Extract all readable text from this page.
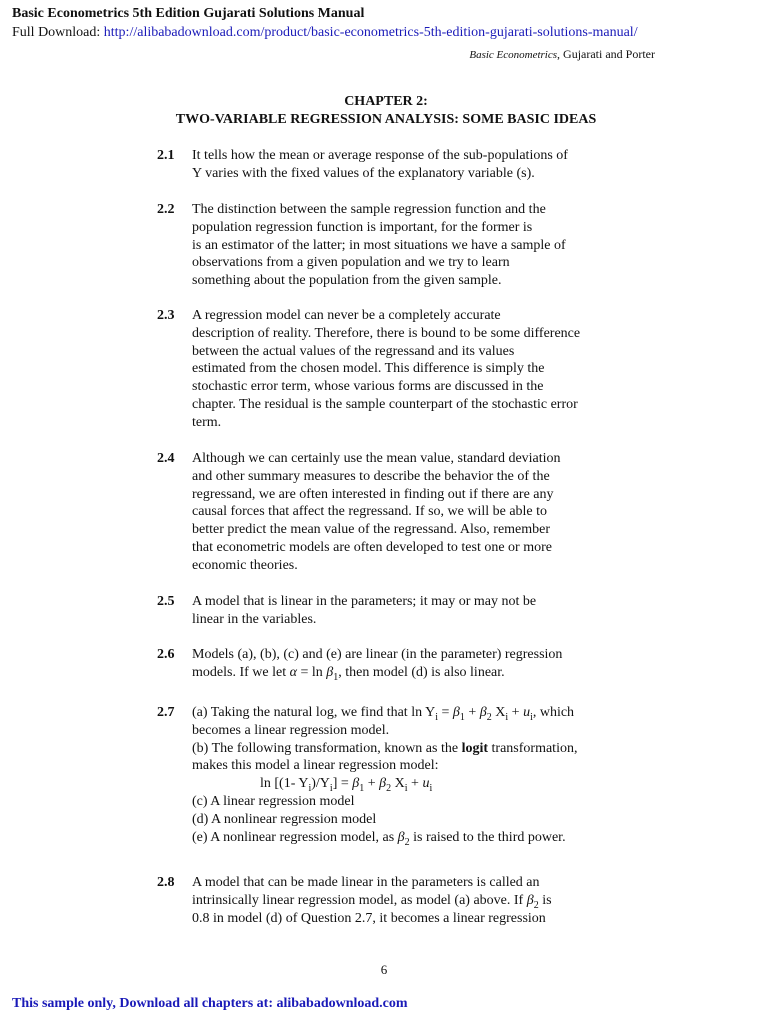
Basic Econometrics 5th Edition Gujarati Solutions Manual
Full Download: http://alibabadownload.com/product/basic-econometrics-5th-edition-gujarati-solutions-manual/
Basic Econometrics, Gujarati and Porter
CHAPTER 2:
TWO-VARIABLE REGRESSION ANALYSIS: SOME BASIC IDEAS
2.1 It tells how the mean or average response of the sub-populations of
Y varies with the fixed values of the explanatory variable (s).
2.2 The distinction between the sample regression function and the
population regression function is important, for the former is
is an estimator of the latter; in most situations we have a sample of
observations from a given population and we try to learn
something about the population from the given sample.
2.3 A regression model can never be a completely accurate
description of reality. Therefore, there is bound to be some difference
between the actual values of the regressand and its values
estimated from the chosen model. This difference is simply the
stochastic error term, whose various forms are discussed in the
chapter. The residual is the sample counterpart of the stochastic error
term.
2.4 Although we can certainly use the mean value, standard deviation
and other summary measures to describe the behavior the of the
regressand, we are often interested in finding out if there are any
causal forces that affect the regressand. If so, we will be able to
better predict the mean value of the regressand. Also, remember
that econometric models are often developed to test one or more
economic theories.
2.5 A model that is linear in the parameters; it may or may not be
linear in the variables.
2.6 Models (a), (b), (c) and (e) are linear (in the parameter) regression
models. If we let $\alpha = \ln \beta_1$, then model (d) is also linear.
2.7 (a) Taking the natural log, we find that $\ln Y_i = \beta_1 + \beta_2$ $X_i + u_i$, which
becomes a linear regression model.
(b) The following transformation, known as the logit transformation,
makes this model a linear regression model:
ln [(1- $Y_i)/Y_i] = \beta_1 + \beta_2$ $X_i + u_i$
(c) A linear regression model
(d) A nonlinear regression model
(e) A nonlinear regression model, as $\beta_2$ is raised to the third power.
2.8 A model that can be made linear in the parameters is called an
intrinsically linear regression model, as model (a) above. If $\beta_2$ is
0.8 in model (d) of Question 2.7, it becomes a linear regression
6
This sample only, Download all chapters at: alibabadownload.com
